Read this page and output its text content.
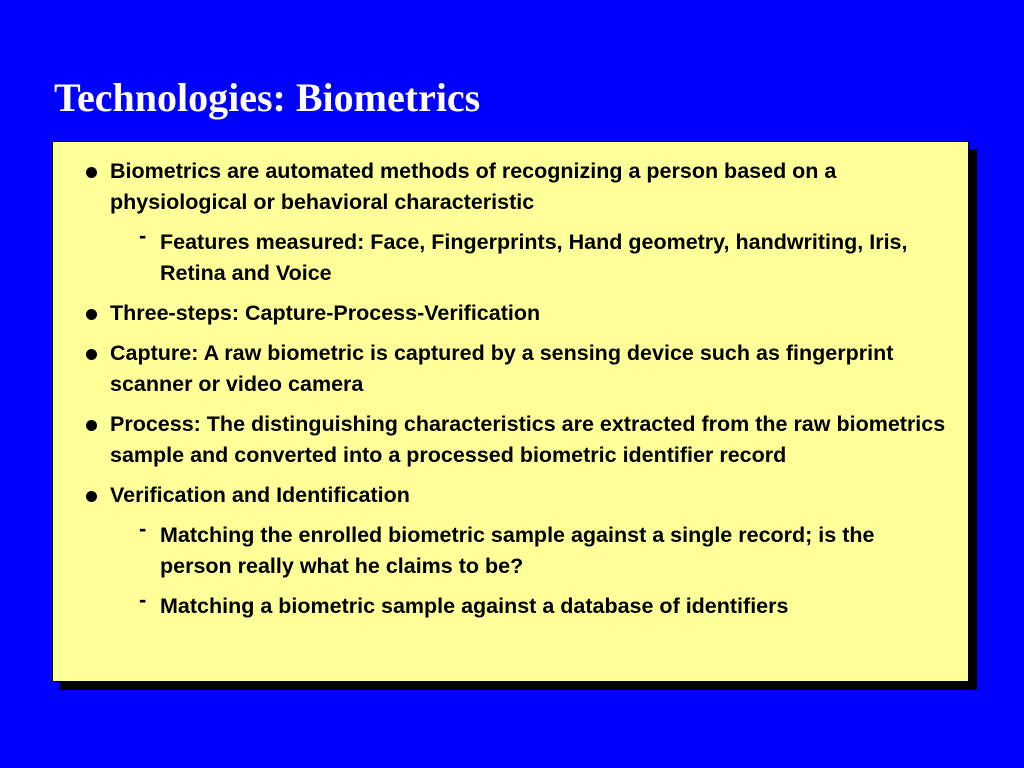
Technologies: Biometrics
Biometrics are automated methods of recognizing a person based on a physiological or behavioral characteristic
- Features measured: Face, Fingerprints, Hand geometry, handwriting, Iris, Retina and Voice
Three-steps: Capture-Process-Verification
Capture: A raw biometric is captured by a sensing device such as fingerprint scanner or video camera
Process: The distinguishing characteristics are extracted from the raw biometrics sample and converted into a processed biometric identifier record
Verification and Identification
- Matching the enrolled biometric sample against a single record; is the person really what he claims to be?
- Matching a biometric sample against a database of identifiers
